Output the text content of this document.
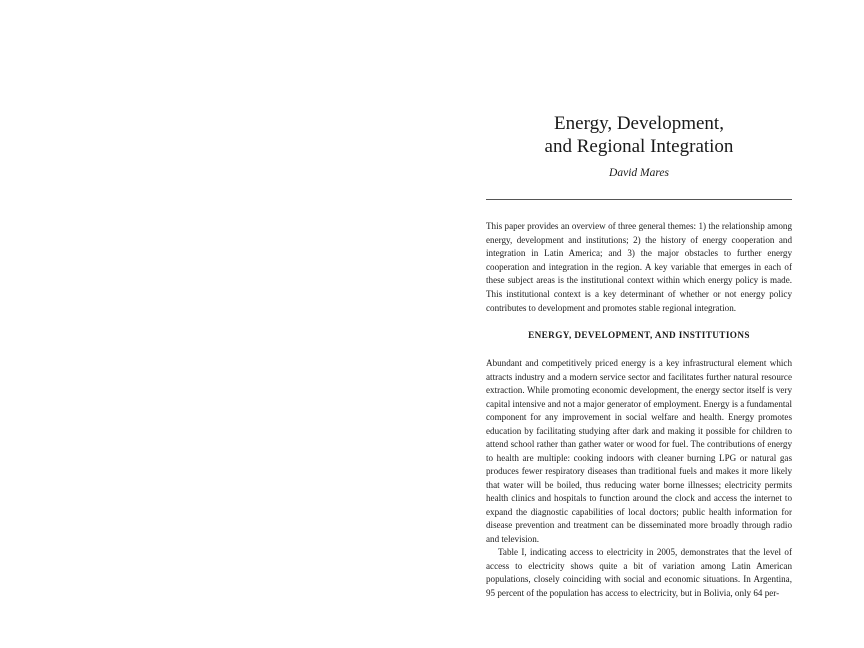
Energy, Development,
and Regional Integration
David Mares

This paper provides an overview of three general themes: 1) the relationship among energy, development and institutions; 2) the history of energy cooperation and integration in Latin America; and 3) the major obstacles to further energy cooperation and integration in the region. A key variable that emerges in each of these subject areas is the institutional context within which energy policy is made. This institutional context is a key determinant of whether or not energy policy contributes to development and promotes stable regional integration.

ENERGY, DEVELOPMENT, AND INSTITUTIONS

Abundant and competitively priced energy is a key infrastructural element which attracts industry and a modern service sector and facilitates further natural resource extraction. While promoting economic development, the energy sector itself is very capital intensive and not a major generator of employment. Energy is a fundamental component for any improvement in social welfare and health. Energy promotes education by facilitating studying after dark and making it possible for children to attend school rather than gather water or wood for fuel. The contributions of energy to health are multiple: cooking indoors with cleaner burning LPG or natural gas produces fewer respiratory diseases than traditional fuels and makes it more likely that water will be boiled, thus reducing water borne illnesses; electricity permits health clinics and hospitals to function around the clock and access the internet to expand the diagnostic capabilities of local doctors; public health information for disease prevention and treatment can be disseminated more broadly through radio and television.

Table I, indicating access to electricity in 2005, demonstrates that the level of access to electricity shows quite a bit of variation among Latin American populations, closely coinciding with social and economic situations. In Argentina, 95 percent of the population has access to electricity, but in Bolivia, only 64 per-
